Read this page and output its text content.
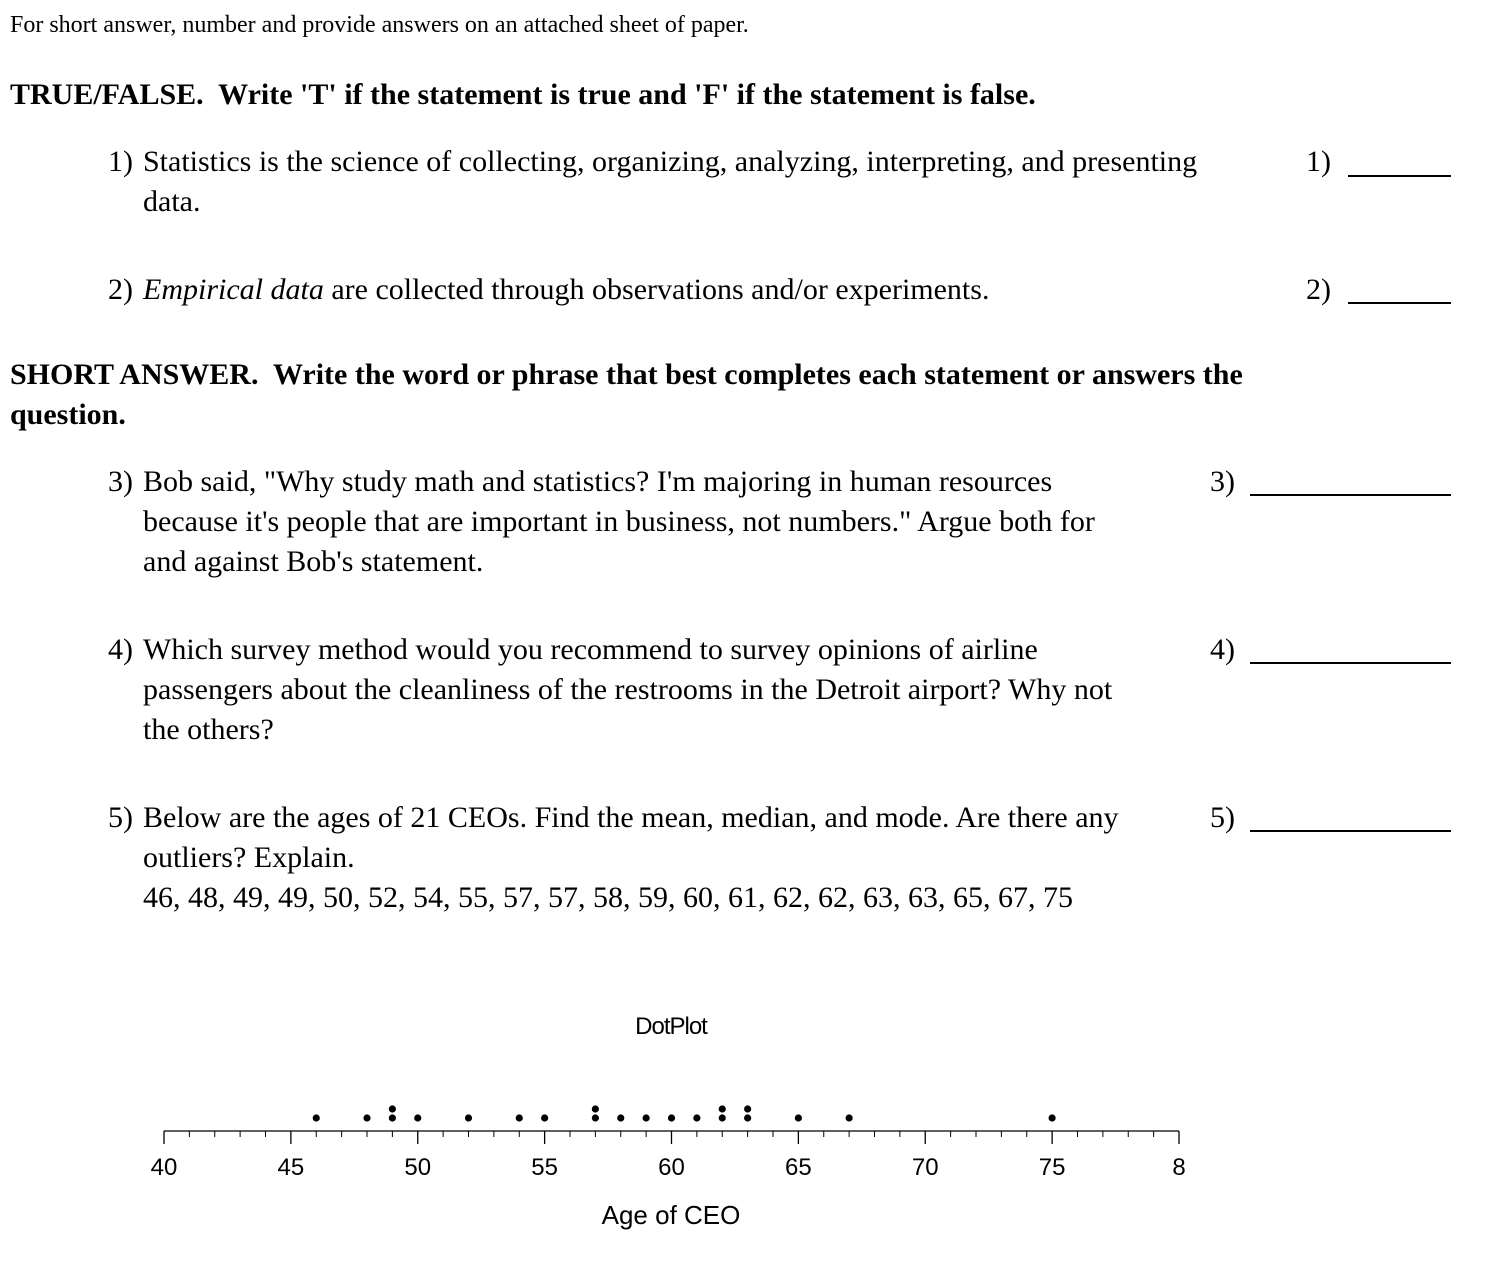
For short answer, number and provide answers on an attached sheet of paper.
TRUE/FALSE. Write 'T' if the statement is true and 'F' if the statement is false.
1) Statistics is the science of collecting, organizing, analyzing, interpreting, and presenting
data.
1)
2) Empirical data are collected through observations and/or experiments.	2)
SHORT ANSWER. Write the word or phrase that best completes each statement or answers the
question.
3) Bob said, "Why study math and statistics? I'm majoring in human resources
because it's people that are important in business, not numbers." Argue both for
and against Bob's statement.
3)
4) Which survey method would you recommend to survey opinions of airline
passengers about the cleanliness of the restrooms in the Detroit airport? Why not
the others?
4)
5) Below are the ages of 21 CEOs. Find the mean, median, and mode. Are there any
outliers? Explain.
46, 48, 49, 49, 50, 52, 54, 55, 57, 57, 58, 59, 60, 61, 62, 62, 63, 63, 65, 67, 75
5)
DotPlot
40	45	50	55	60	65	70	75	8
Age of CEO
